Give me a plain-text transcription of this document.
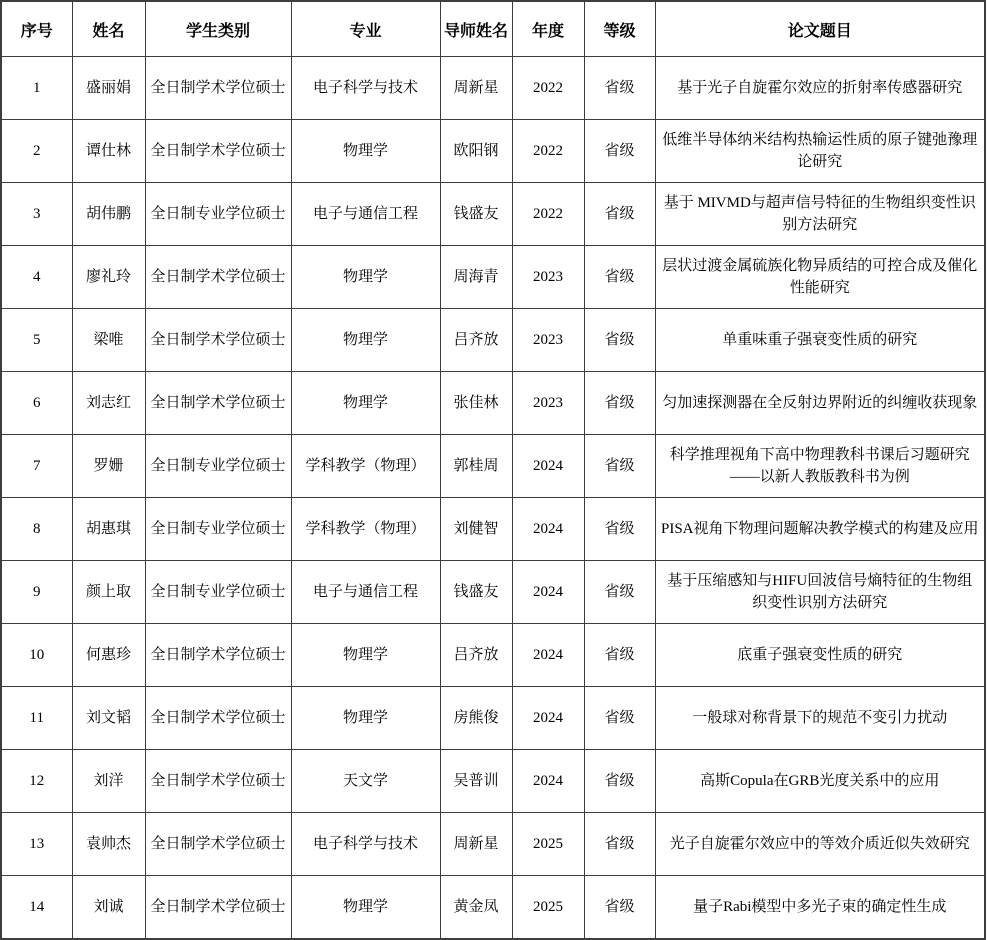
序号	姓名	学生类别	专业	导师姓名	年度	等级	论文题目
1	盛丽娟	全日制学术学位硕士	电子科学与技术	周新星	2022	省级	基于光子自旋霍尔效应的折射率传感器研究
2	谭仕林	全日制学术学位硕士	物理学	欧阳钢	2022	省级	低维半导体纳米结构热输运性质的原子键弛豫理论研究
3	胡伟鹏	全日制专业学位硕士	电子与通信工程	钱盛友	2022	省级	基于 MIVMD与超声信号特征的生物组织变性识别方法研究
4	廖礼玲	全日制学术学位硕士	物理学	周海青	2023	省级	层状过渡金属硫族化物异质结的可控合成及催化性能研究
5	梁唯	全日制学术学位硕士	物理学	吕齐放	2023	省级	单重味重子强衰变性质的研究
6	刘志红	全日制学术学位硕士	物理学	张佳林	2023	省级	匀加速探测器在全反射边界附近的纠缠收获现象
7	罗姗	全日制专业学位硕士	学科教学（物理）	郭桂周	2024	省级	科学推理视角下高中物理教科书课后习题研究——以新人教版教科书为例
8	胡惠琪	全日制专业学位硕士	学科教学（物理）	刘健智	2024	省级	PISA视角下物理问题解决教学模式的构建及应用
9	颜上取	全日制专业学位硕士	电子与通信工程	钱盛友	2024	省级	基于压缩感知与HIFU回波信号熵特征的生物组织变性识别方法研究
10	何惠珍	全日制学术学位硕士	物理学	吕齐放	2024	省级	底重子强衰变性质的研究
11	刘文韬	全日制学术学位硕士	物理学	房熊俊	2024	省级	一般球对称背景下的规范不变引力扰动
12	刘洋	全日制学术学位硕士	天文学	吴普训	2024	省级	高斯Copula在GRB光度关系中的应用
13	袁帅杰	全日制学术学位硕士	电子科学与技术	周新星	2025	省级	光子自旋霍尔效应中的等效介质近似失效研究
14	刘诚	全日制学术学位硕士	物理学	黄金凤	2025	省级	量子Rabi模型中多光子束的确定性生成
